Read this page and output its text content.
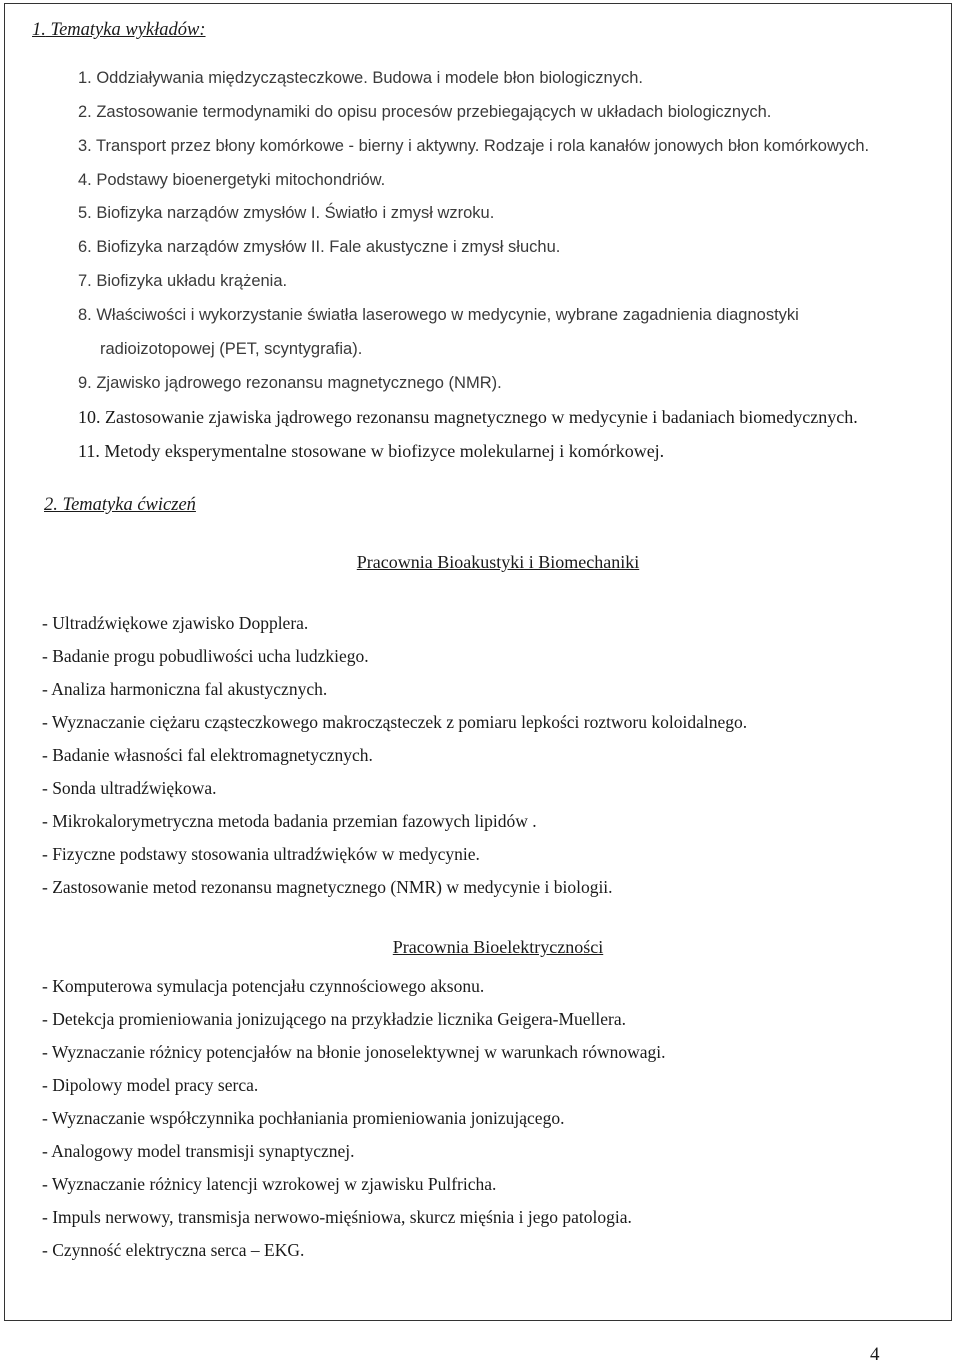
1. Tematyka wykładów:
1. Oddziaływania międzycząsteczkowe. Budowa i modele błon biologicznych.
2. Zastosowanie termodynamiki do opisu procesów przebiegających w układach biologicznych.
3. Transport przez błony komórkowe - bierny i aktywny. Rodzaje i rola kanałów jonowych błon komórkowych.
4. Podstawy bioenergetyki mitochondriów.
5. Biofizyka narządów zmysłów I. Światło i zmysł wzroku.
6. Biofizyka narządów zmysłów II. Fale akustyczne i zmysł słuchu.
7. Biofizyka układu krążenia.
8. Właściwości i wykorzystanie światła laserowego w medycynie, wybrane zagadnienia diagnostyki
radioizotopowej (PET, scyntygrafia).
9. Zjawisko jądrowego rezonansu magnetycznego (NMR).
10. Zastosowanie zjawiska jądrowego rezonansu magnetycznego w medycynie i badaniach biomedycznych.
11. Metody eksperymentalne stosowane w biofizyce molekularnej i komórkowej.
2. Tematyka ćwiczeń
Pracownia Bioakustyki i Biomechaniki
- Ultradźwiękowe zjawisko Dopplera.
- Badanie progu pobudliwości ucha ludzkiego.
- Analiza harmoniczna fal akustycznych.
- Wyznaczanie ciężaru cząsteczkowego makrocząsteczek z pomiaru lepkości roztworu koloidalnego.
- Badanie własności fal elektromagnetycznych.
- Sonda ultradźwiękowa.
- Mikrokalorymetryczna metoda badania przemian fazowych lipidów .
- Fizyczne podstawy stosowania ultradźwięków w medycynie.
- Zastosowanie metod rezonansu magnetycznego (NMR) w medycynie i biologii.
Pracownia Bioelektryczności
- Komputerowa symulacja potencjału czynnościowego aksonu.
- Detekcja promieniowania jonizującego na przykładzie licznika Geigera-Muellera.
- Wyznaczanie różnicy potencjałów na błonie jonoselektywnej w warunkach równowagi.
- Dipolowy model pracy serca.
- Wyznaczanie współczynnika pochłaniania promieniowania jonizującego.
- Analogowy model transmisji synaptycznej.
- Wyznaczanie różnicy latencji wzrokowej w zjawisku Pulfricha.
- Impuls nerwowy, transmisja nerwowo-mięśniowa, skurcz mięśnia i jego patologia.
- Czynność elektryczna serca – EKG.
4
